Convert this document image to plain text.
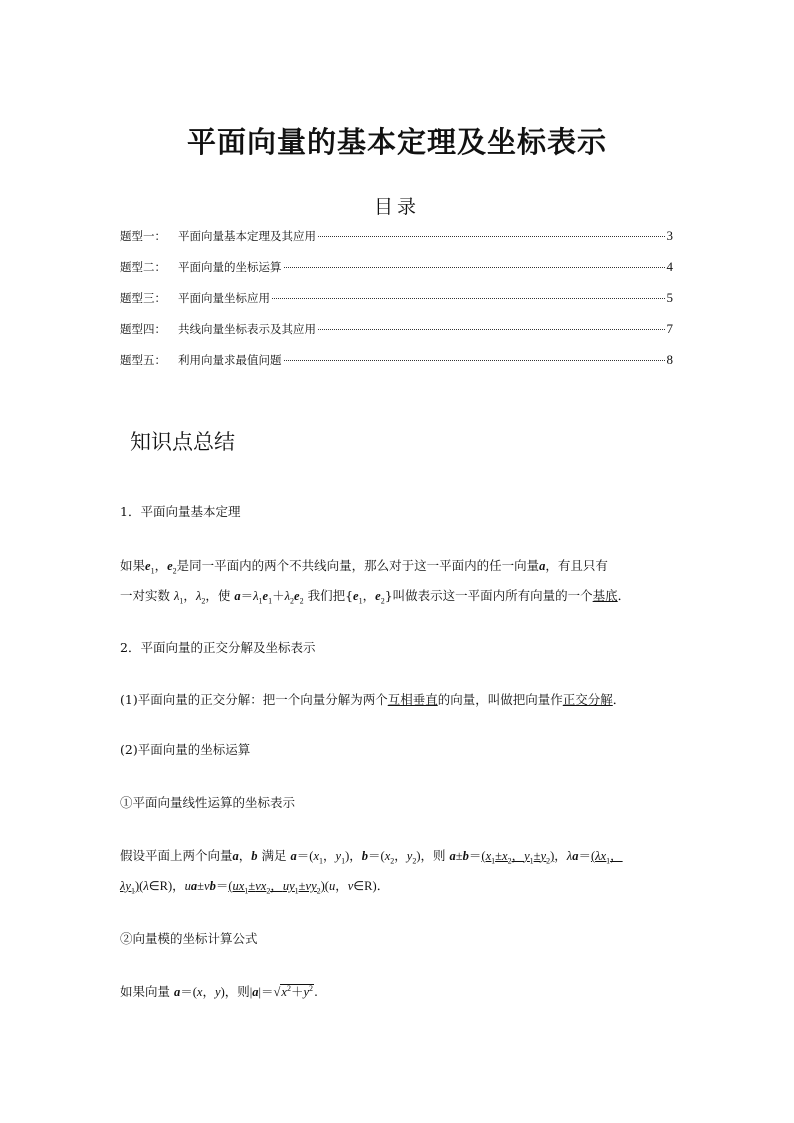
平面向量的基本定理及坐标表示
目录
题型一： 平面向量基本定理及其应用	3
题型二： 平面向量的坐标运算	4
题型三： 平面向量坐标应用	5
题型四： 共线向量坐标表示及其应用	7
题型五： 利用向量求最值问题	8
知识点总结
1．平面向量基本定理
如果$e_1$，$e_2$是同一平面内的两个不共线向量，那么对于这一平面内的任一向量a，有且只有
一对实数 $\lambda_1$，$\lambda_2$，使 $a=\lambda_1e_1+\lambda_2e_2$ 我们把{$e_1$，$e_2$}叫做表示这一平面内所有向量的一个基底．
2．平面向量的正交分解及坐标表示
(1)平面向量的正交分解：把一个向量分解为两个互相垂直的向量，叫做把向量作正交分解．
(2)平面向量的坐标运算
①平面向量线性运算的坐标表示
假设平面上两个向量a，b 满足 $a=(x_1$，$y_1$)，$b=(x_2$，$y_2$)，则 $a\pm b=(x_1\pm x_2$，$y_1\pm y_2$)，$\lambda a=(\lambda x_1$，
$\lambda y_1)(\lambda\in R)$，$ua\pm vb=(ux_1\pm vx_2$，$uy_1\pm vy_2)(u$，v∈R)．
②向量模的坐标计算公式
如果向量 a＝(x，y)，则$|a|=√x^2+y^2$.
